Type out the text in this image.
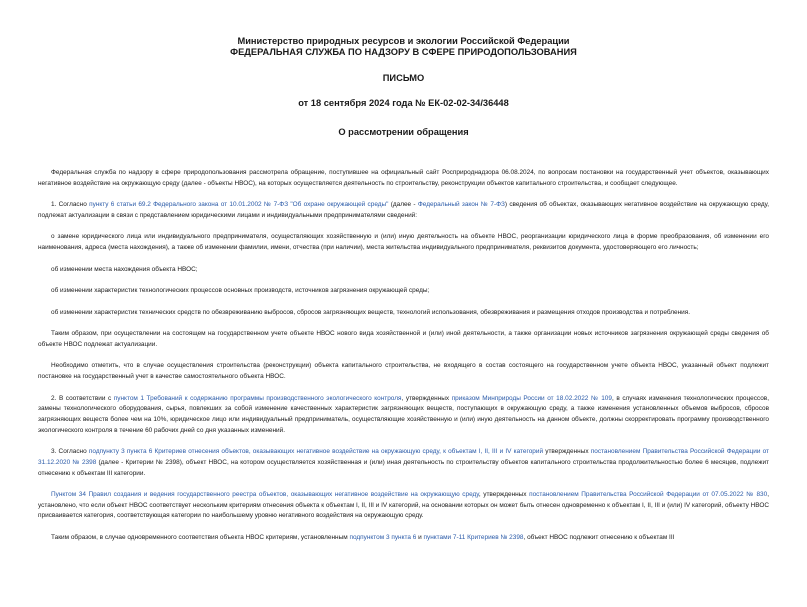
Министерство природных ресурсов и экологии Российской Федерации
ФЕДЕРАЛЬНАЯ СЛУЖБА ПО НАДЗОРУ В СФЕРЕ ПРИРОДОПОЛЬЗОВАНИЯ
ПИСЬМО
от 18 сентября 2024 года № ЕК-02-02-34/36448
О рассмотрении обращения

Федеральная служба по надзору в сфере природопользования рассмотрела обращение, поступившее на официальный сайт Росприроднадзора 06.08.2024, по вопросам постановки на государственный учет объектов, оказывающих негативное воздействие на окружающую среду (далее - объекты НВОС), на которых осуществляется деятельность по строительству, реконструкции объектов капитального строительства, и сообщает следующее.

1. Согласно пункту 6 статьи 69.2 Федерального закона от 10.01.2002 № 7-ФЗ "Об охране окружающей среды" (далее - Федеральный закон № 7-ФЗ) сведения об объектах, оказывающих негативное воздействие на окружающую среду, подлежат актуализации в связи с представлением юридическими лицами и индивидуальными предпринимателями сведений:

о замене юридического лица или индивидуального предпринимателя, осуществляющих хозяйственную и (или) иную деятельность на объекте НВОС, реорганизации юридического лица в форме преобразования, об изменении его наименования, адреса (места нахождения), а также об изменении фамилии, имени, отчества (при наличии), места жительства индивидуального предпринимателя, реквизитов документа, удостоверяющего его личность;

об изменении места нахождения объекта НВОС;

об изменении характеристик технологических процессов основных производств, источников загрязнения окружающей среды;

об изменении характеристик технических средств по обезвреживанию выбросов, сбросов загрязняющих веществ, технологий использования, обезвреживания и размещения отходов производства и потребления.

Таким образом, при осуществлении на состоящем на государственном учете объекте НВОС нового вида хозяйственной и (или) иной деятельности, а также организации новых источников загрязнения окружающей среды сведения об объекте НВОС подлежат актуализации.

Необходимо отметить, что в случае осуществления строительства (реконструкции) объекта капитального строительства, не входящего в состав состоящего на государственном учете объекта НВОС, указанный объект подлежит постановке на государственный учет в качестве самостоятельного объекта НВОС.

2. В соответствии с пунктом 1 Требований к содержанию программы производственного экологического контроля, утвержденных приказом Минприроды России от 18.02.2022 № 109, в случаях изменения технологических процессов, замены технологического оборудования, сырья, повлекших за собой изменение качественных характеристик загрязняющих веществ, поступающих в окружающую среду, а также изменения установленных объемов выбросов, сбросов загрязняющих веществ более чем на 10%, юридическое лицо или индивидуальный предприниматель, осуществляющие хозяйственную и (или) иную деятельность на данном объекте, должны скорректировать программу производственного экологического контроля в течение 60 рабочих дней со дня указанных изменений.

3. Согласно подпункту 3 пункта 6 Критериев отнесения объектов, оказывающих негативное воздействие на окружающую среду, к объектам I, II, III и IV категорий утвержденных постановлением Правительства Российской Федерации от 31.12.2020 № 2398 (далее - Критерии № 2398), объект НВОС, на котором осуществляется хозяйственная и (или) иная деятельность по строительству объектов капитального строительства продолжительностью более 6 месяцев, подлежит отнесению к объектам III категории.

Пунктом 34 Правил создания и ведения государственного реестра объектов, оказывающих негативное воздействие на окружающую среду, утвержденных постановлением Правительства Российской Федерации от 07.05.2022 № 830, установлено, что если объект НВОС соответствует нескольким критериям отнесения объекта к объектам I, II, III и IV категорий, на основании которых он может быть отнесен одновременно к объектам I, II, III и (или) IV категорий, объекту НВОС присваивается категория, соответствующая категории по наибольшему уровню негативного воздействия на окружающую среду.

Таким образом, в случае одновременного соответствия объекта НВОС критериям, установленным подпунктом 3 пункта 6 и пунктами 7-11 Критериев № 2398, объект НВОС подлежит отнесению к объектам III
